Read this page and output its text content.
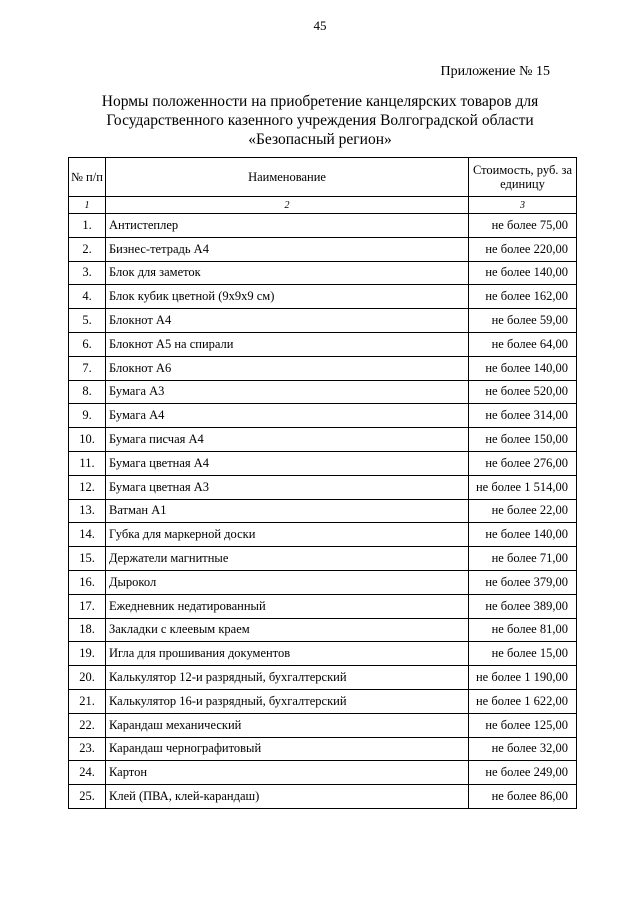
45
Приложение № 15
Нормы положенности на приобретение канцелярских товаров для
Государственного казенного учреждения Волгоградской области
«Безопасный регион»
№ п/п	Наименование	Стоимость, руб. за единицу
1	2	3
1.	Антистеплер	не более 75,00
2.	Бизнес-тетрадь А4	не более 220,00
3.	Блок для заметок	не более 140,00
4.	Блок кубик цветной (9х9х9 см)	не более 162,00
5.	Блокнот А4	не более 59,00
6.	Блокнот А5 на спирали	не более 64,00
7.	Блокнот А6	не более 140,00
8.	Бумага А3	не более 520,00
9.	Бумага А4	не более 314,00
10.	Бумага писчая А4	не более 150,00
11.	Бумага цветная А4	не более 276,00
12.	Бумага цветная А3	не более 1 514,00
13.	Ватман А1	не более 22,00
14.	Губка для маркерной доски	не более 140,00
15.	Держатели магнитные	не более 71,00
16.	Дырокол	не более 379,00
17.	Ежедневник недатированный	не более 389,00
18.	Закладки с клеевым краем	не более 81,00
19.	Игла для прошивания документов	не более 15,00
20.	Калькулятор 12-и разрядный, бухгалтерский	не более 1 190,00
21.	Калькулятор 16-и разрядный, бухгалтерский	не более 1 622,00
22.	Карандаш механический	не более 125,00
23.	Карандаш чернографитовый	не более 32,00
24.	Картон	не более 249,00
25.	Клей (ПВА, клей-карандаш)	не более 86,00
